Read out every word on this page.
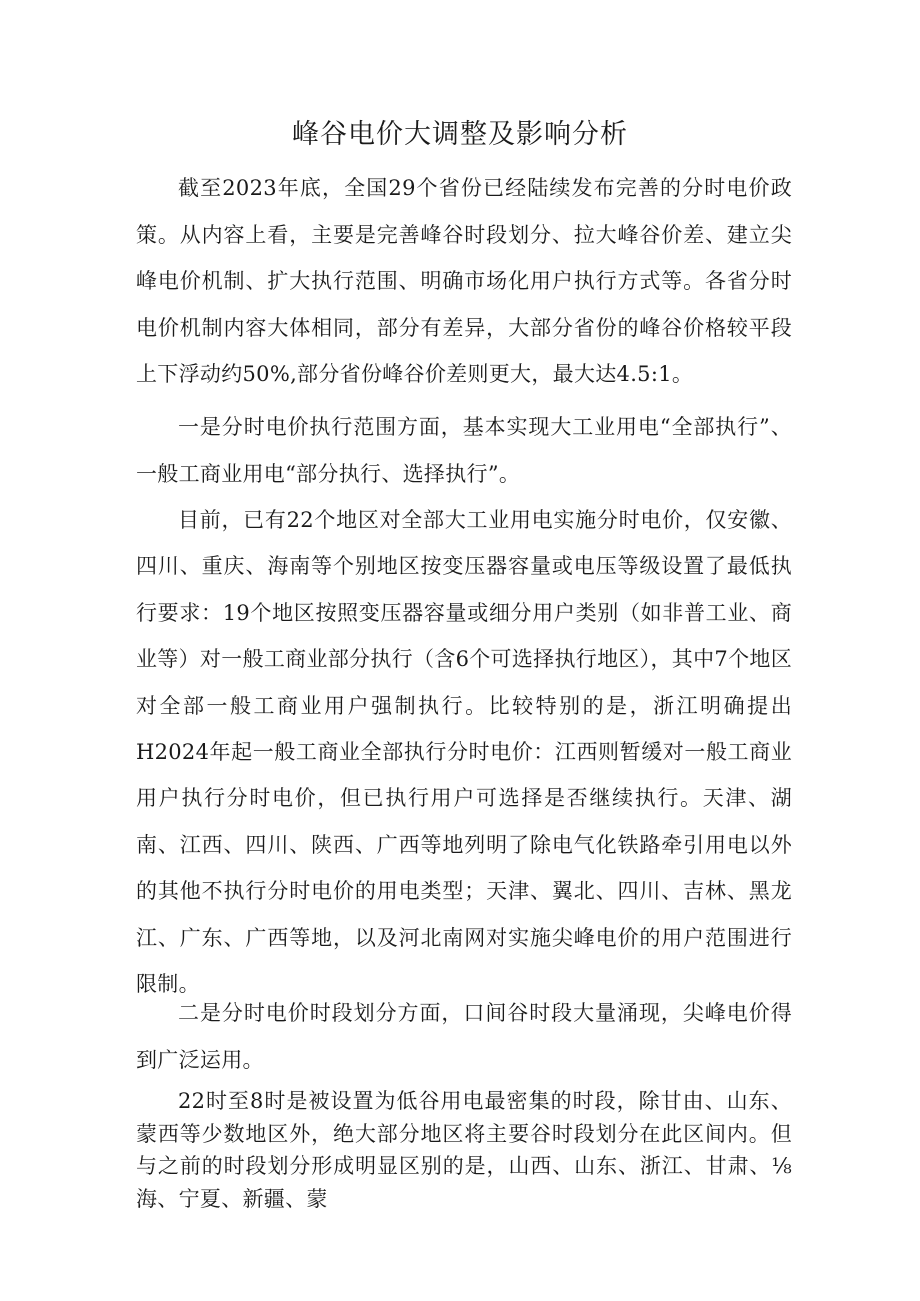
峰谷电价大调整及影响分析

截至2023年底，全国29个省份已经陆续发布完善的分时电价政策。从内容上看，主要是完善峰谷时段划分、拉大峰谷价差、建立尖峰电价机制、扩大执行范围、明确市场化用户执行方式等。各省分时电价机制内容大体相同，部分有差异，大部分省份的峰谷价格较平段上下浮动约50%,部分省份峰谷价差则更大，最大达4.5:1。

一是分时电价执行范围方面，基本实现大工业用电“全部执行”、一般工商业用电“部分执行、选择执行”。

目前，已有22个地区对全部大工业用电实施分时电价，仅安徽、四川、重庆、海南等个别地区按变压器容量或电压等级设置了最低执行要求：19个地区按照变压器容量或细分用户类别（如非普工业、商业等）对一般工商业部分执行（含6个可选择执行地区），其中7个地区对全部一般工商业用户强制执行。比较特别的是，浙江明确提出H2024年起一般工商业全部执行分时电价：江西则暂缓对一般工商业用户执行分时电价，但已执行用户可选择是否继续执行。天津、湖南、江西、四川、陕西、广西等地列明了除电气化铁路牵引用电以外的其他不执行分时电价的用电类型；天津、翼北、四川、吉林、黑龙江、广东、广西等地，以及河北南网对实施尖峰电价的用户范围进行限制。

二是分时电价时段划分方面，口间谷时段大量涌现，尖峰电价得到广泛运用。

22时至8时是被设置为低谷用电最密集的时段，除甘由、山东、蒙西等少数地区外，绝大部分地区将主要谷时段划分在此区间内。但与之前的时段划分形成明显区别的是，山西、山东、浙江、甘肃、⅛海、宁夏、新疆、蒙
